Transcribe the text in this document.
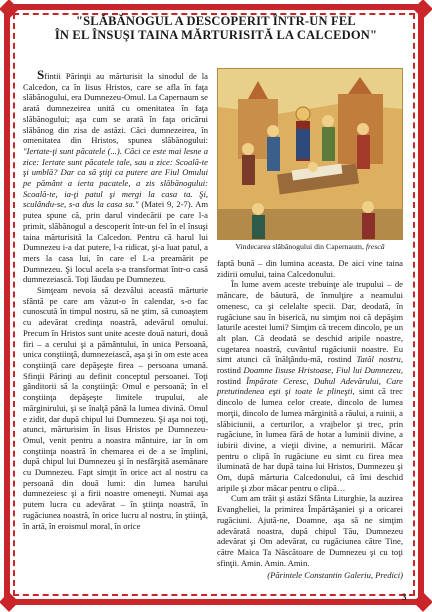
"SLĂBĂNOGUL A DESCOPERIT ÎNTR-UN FEL
ÎN EL ÎNSUŞI TAINA MĂRTURISITĂ LA CALCEDON"

Sfintii Părinţii au mărturisit la sinodul de la Calcedon, ca în Iisus Hristos, care se afla în faţa slăbănogului, era Dumnezeu-Omul. La Capernaum se arată dumnezeirea unită cu omenitatea în faţa slăbănogului; aşa cum se arată în faţa oricărui slăbănog din zisa de astăzi. Căci dumnezeirea, în omenitatea din Hristos, spunea slăbănogului: "Iertate-ţi sunt păcatele (...). Căci ce este mai lesne a zice: Iertate sunt păcatele tale, sau a zice: Scoală-te şi umblă? Dar ca să ştiţi ca putere are Fiul Omului pe pământ a ierta pacatele, a zis slăbănogului: Scoală-te, ia-ţi patul şi mergi la casa ta. Şi, sculându-se, s-a dus la casa sa." (Matei 9, 2-7). Am putea spune că, prin darul vindecării pe care l-a primit, slăbănogul a descoperit într-un fel în el însuşi taina mărturisită la Calcedon. Pentru că harul lui Dumnezeu i-a dat putere, l-a ridicat, şi-a luat patul, a mers la casa lui, în care el L-a preamărit pe Dumnezeu. Şi locul acela s-a transformat într-o casă dumnezeiască. Toţi lăudau pe Dumnezeu.

Simţeam nevoia să dezvălui această mărturie sfântă pe care am văzut-o în calendar, s-o fac cunoscută în timpul nostru, să ne ştim, să cunoaştem cu adevărat credinţa noastră, adevărul omului. Precum în Hristos sunt unite aceste două naturi, două firi – a cerului şi a pământului, în unica Persoană, unica conştiinţă, dumnezeiască, aşa şi în om este acea conştiinţă care depăşeşte firea – persoana umană. Sfinţii Părinţi au definit conceptul persoanei. Toţi gânditorii să la conştiinţă: Omul e persoană; în el conştiinţa depăşeşte limitele trupului, ale mărginirului, şi se înalţă până la lumea divină. Omul e zidit, dar după chipul lui Dumnezeu. Şi aşa noi toţi, atunci, mărturisim în Iisus Hristos pe Dumnezeu-Omul, venit pentru a noastra mântuire, iar în om conştiinţa noastră în chemarea ei de a se împlini, după chipul lui Dumnezeu şi în nesfârşită asemănare cu Dumnezeu. Fapt simţit în orice act al nostru ca persoană din două lumi: din lumea harului dumnezeiesc şi a firii noastre omeneşti. Numai aşa putem lucra cu adevărat – în ştiinţa noastră, în rugăciunea noastră, în orice lucru al nostru, în ştiinţă, în artă, în eroismul moral, în orice

Vindecarea slăbănogului din Capernaum, frescă

faptă bună – din lumina aceasta. De aici vine taina zidirii omului, taina Calcedonului.

În lume avem aceste trebuinţe ale trupului – de mâncare, de băutură, de înmulţire a neamului omenesc, ca şi celelalte specii. Dar, deodată, în rugăciune sau în biserică, nu simţim noi că depăşim laturile acestei lumi? Simţim că trecem dincolo, pe un alt plan. Că deodată se deschid aripile noastre, cugetarea noastră, cuvântul rugăciunii noastre. Eu simt atunci că înălţându-mă, rostind Tatăl nostru, rostind Doamne Iisuse Hristoase, Fiul lui Dumnezeu, rostind Împărate Ceresc, Duhul Adevărului, Care pretutindenea eşti şi toate le plineşti, simt că trec dincolo de lumea celor create, dincolo de lumea morţii, dincolo de lumea mărginită a răului, a ruinii, a slăbiciunii, a certurilor, a vrajbelor şi trec, prin rugăciune, în lumea fără de hotar a luminii divine, a iubirii divine, a vieţii divine, a nemuririi. Măcar pentru o clipă în rugăciune eu simt cu firea mea iluminată de har după taina lui Hristos, Dumnezeu şi Om, după mărturia Calcedonului, că îmi deschid aripile şi zbor măcar pentru o clipă…

Cum am trăit şi astăzi Sfânta Liturghie, la auzirea Evangheliei, la primirea Împărtăşaniei şi a oricarei rugăciuni. Ajută-ne, Doamne, aşa să ne simţim adevărată noastra, după chipul Tău, Dumnezeu adevărat şi Om adevărat, cu rugăciunea către Tine, către Maica Ta Născătoare de Dumnezeu şi cu toţi sfinţii. Amin. Amin. Amin.

(Părintele Constantin Galeriu, Predici)

3
